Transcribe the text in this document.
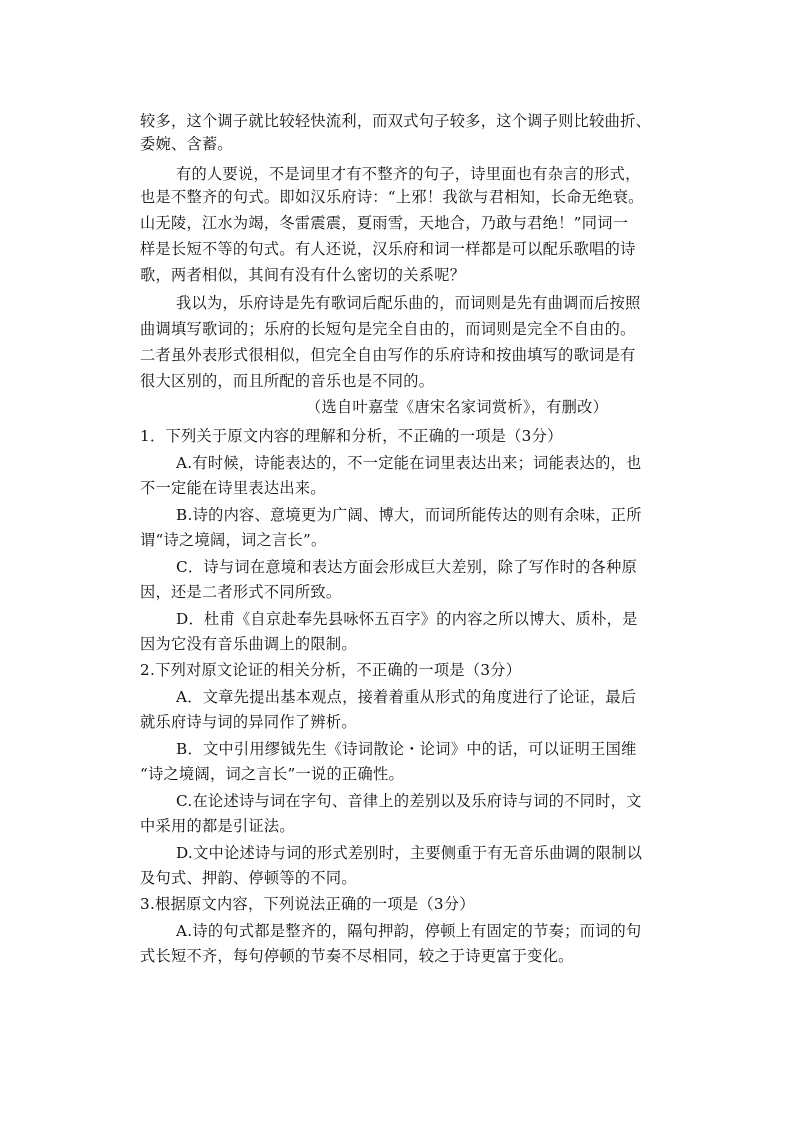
较多，这个调子就比较轻快流利，而双式句子较多，这个调子则比较曲折、

委婉、含蓄。

有的人要说，不是词里才有不整齐的句子，诗里面也有杂言的形式，

也是不整齐的句式。即如汉乐府诗：“上邪！我欲与君相知，长命无绝衰。

山无陵，江水为竭，冬雷震震，夏雨雪，天地合，乃敢与君绝！”同词一

样是长短不等的句式。有人还说，汉乐府和词一样都是可以配乐歌唱的诗

歌，两者相似，其间有没有什么密切的关系呢？

我以为，乐府诗是先有歌词后配乐曲的，而词则是先有曲调而后按照

曲调填写歌词的；乐府的长短句是完全自由的，而词则是完全不自由的。

二者虽外表形式很相似，但完全自由写作的乐府诗和按曲填写的歌词是有

很大区别的，而且所配的音乐也是不同的。

（选自叶嘉莹《唐宋名家词赏析》，有删改）

1．下列关于原文内容的理解和分析，不正确的一项是（3分）

A.有时候，诗能表达的，不一定能在词里表达出来；词能表达的，也

不一定能在诗里表达出来。

B.诗的内容、意境更为广阔、博大，而词所能传达的则有余味，正所

谓“诗之境阔，词之言长”。

C．诗与词在意境和表达方面会形成巨大差别，除了写作时的各种原

因，还是二者形式不同所致。

D．杜甫《自京赴奉先县咏怀五百字》的内容之所以博大、质朴，是

因为它没有音乐曲调上的限制。

2.下列对原文论证的相关分析，不正确的一项是（3分）

A．文章先提出基本观点，接着着重从形式的角度进行了论证，最后

就乐府诗与词的异同作了辨析。

B．文中引用缪钺先生《诗词散论・论词》中的话，可以证明王国维

“诗之境阔，词之言长”一说的正确性。

C.在论述诗与词在字句、音律上的差别以及乐府诗与词的不同时，文

中采用的都是引证法。

D.文中论述诗与词的形式差别时，主要侧重于有无音乐曲调的限制以

及句式、押韵、停顿等的不同。

3.根据原文内容，下列说法正确的一项是（3分）

A.诗的句式都是整齐的，隔句押韵，停顿上有固定的节奏；而词的句

式长短不齐，每句停顿的节奏不尽相同，较之于诗更富于变化。
